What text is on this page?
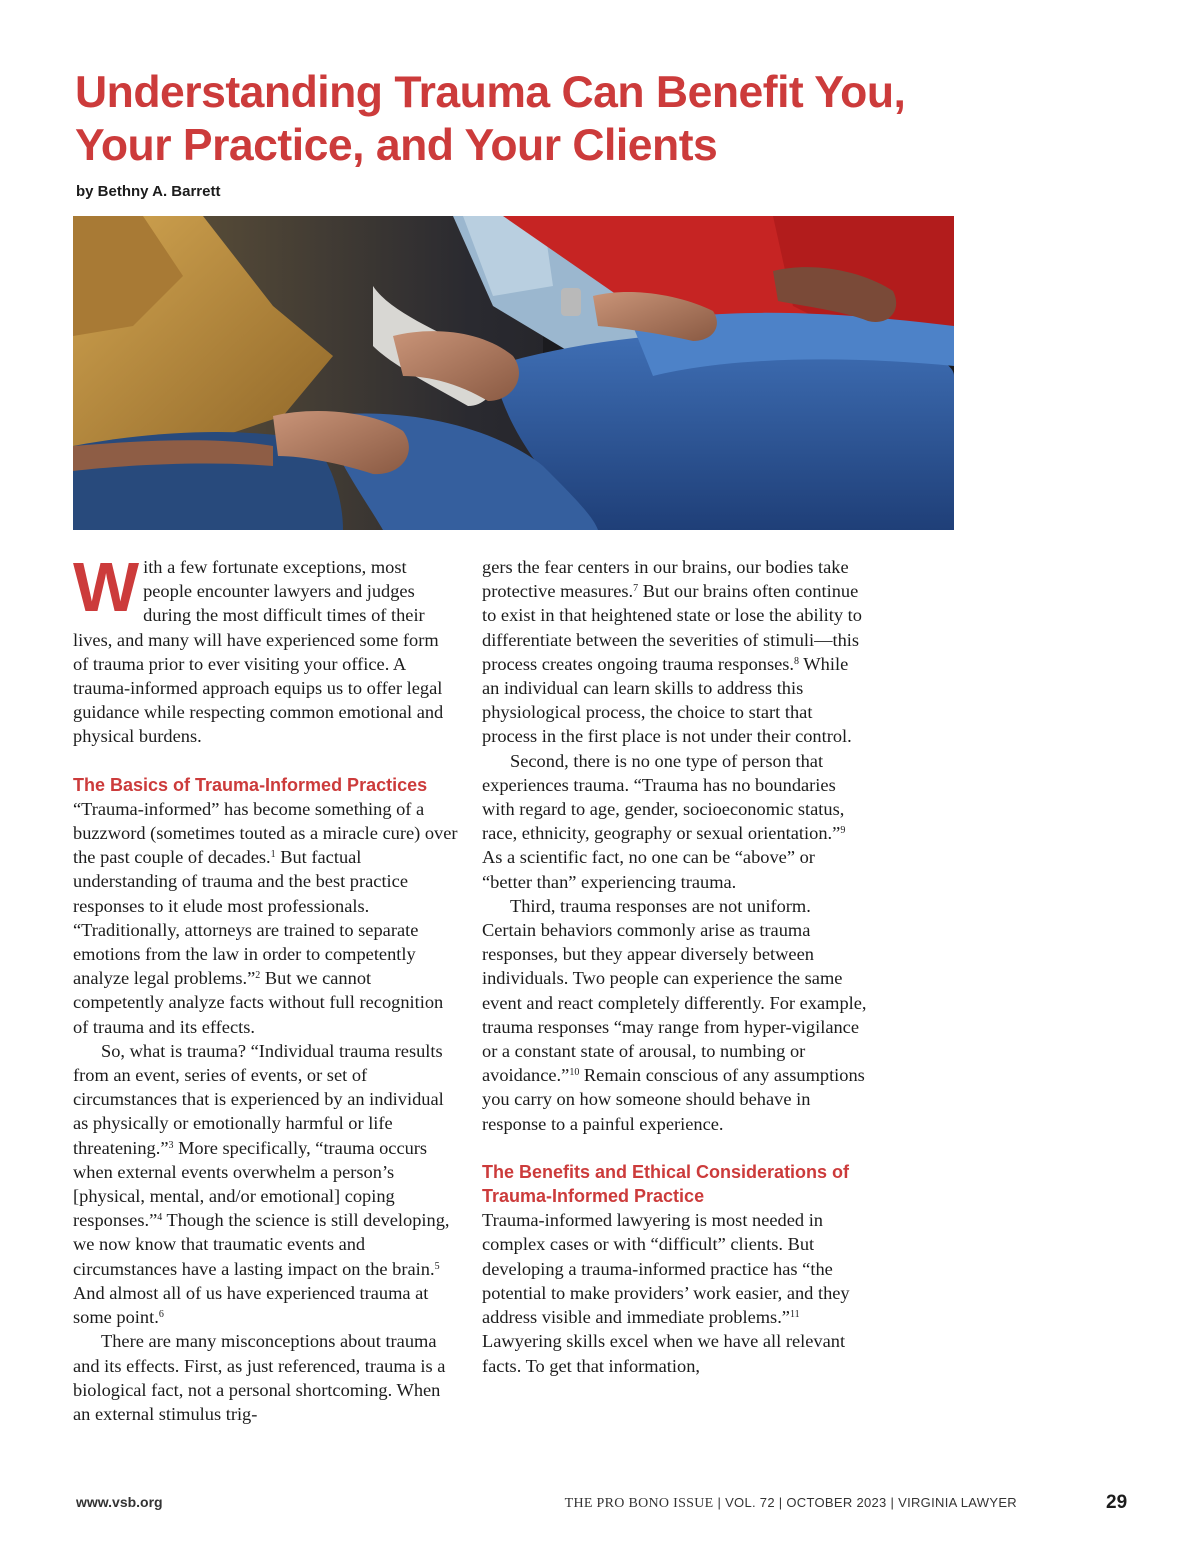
Understanding Trauma Can Benefit You,
Your Practice, and Your Clients

by Bethny A. Barrett

W ith a few fortunate exceptions, most people encounter lawyers and judges during the most difficult times of their lives, and many will have experienced some form of trauma prior to ever visiting your office. A trauma-informed approach equips us to offer legal guidance while respecting common emotional and physical burdens.

The Basics of Trauma-Informed Practices

“Trauma-informed” has become something of a buzzword (sometimes touted as a miracle cure) over the past couple of decades.$^1$ But factual understanding of trauma and the best practice responses to it elude most professionals. “Traditionally, attorneys are trained to separate emotions from the law in order to competently analyze legal problems.”$^2$ But we cannot competently analyze facts without full recognition of trauma and its effects.

So, what is trauma? “Individual trauma results from an event, series of events, or set of circumstances that is experienced by an individual as physically or emotionally harmful or life threatening.”$^3$ More specifically, “trauma occurs when external events overwhelm a person’s [physical, mental, and/or emotional] coping responses.”$^4$ Though the science is still developing, we now know that traumatic events and circumstances have a lasting impact on the brain.$^5$ And almost all of us have experienced trauma at some point.$^6$

There are many misconceptions about trauma and its effects. First, as just referenced, trauma is a biological fact, not a personal shortcoming. When an external stimulus trig-

gers the fear centers in our brains, our bodies take protective measures.$^7$ But our brains often continue to exist in that heightened state or lose the ability to differentiate between the severities of stimuli—this process creates ongoing trauma responses.$^8$ While an individual can learn skills to address this physiological process, the choice to start that process in the first place is not under their control.

Second, there is no one type of person that experiences trauma. “Trauma has no boundaries with regard to age, gender, socioeconomic status, race, ethnicity, geography or sexual orientation.”$^9$ As a scientific fact, no one can be “above” or “better than” experiencing trauma.

Third, trauma responses are not uniform. Certain behaviors commonly arise as trauma responses, but they appear diversely between individuals. Two people can experience the same event and react completely differently. For example, trauma responses “may range from hyper-vigilance or a constant state of arousal, to numbing or avoidance.”$^{10}$ Remain conscious of any assumptions you carry on how someone should behave in response to a painful experience.

The Benefits and Ethical Considerations of Trauma-Informed Practice

Trauma-informed lawyering is most needed in complex cases or with “difficult” clients. But developing a trauma-informed practice has “the potential to make providers’ work easier, and they address visible and immediate problems.”$^{11}$ Lawyering skills excel when we have all relevant facts. To get that information,

www.vsb.org	THE PRO BONO ISSUE | VOL. 72 | OCTOBER 2023 | VIRGINIA LAWYER	29
